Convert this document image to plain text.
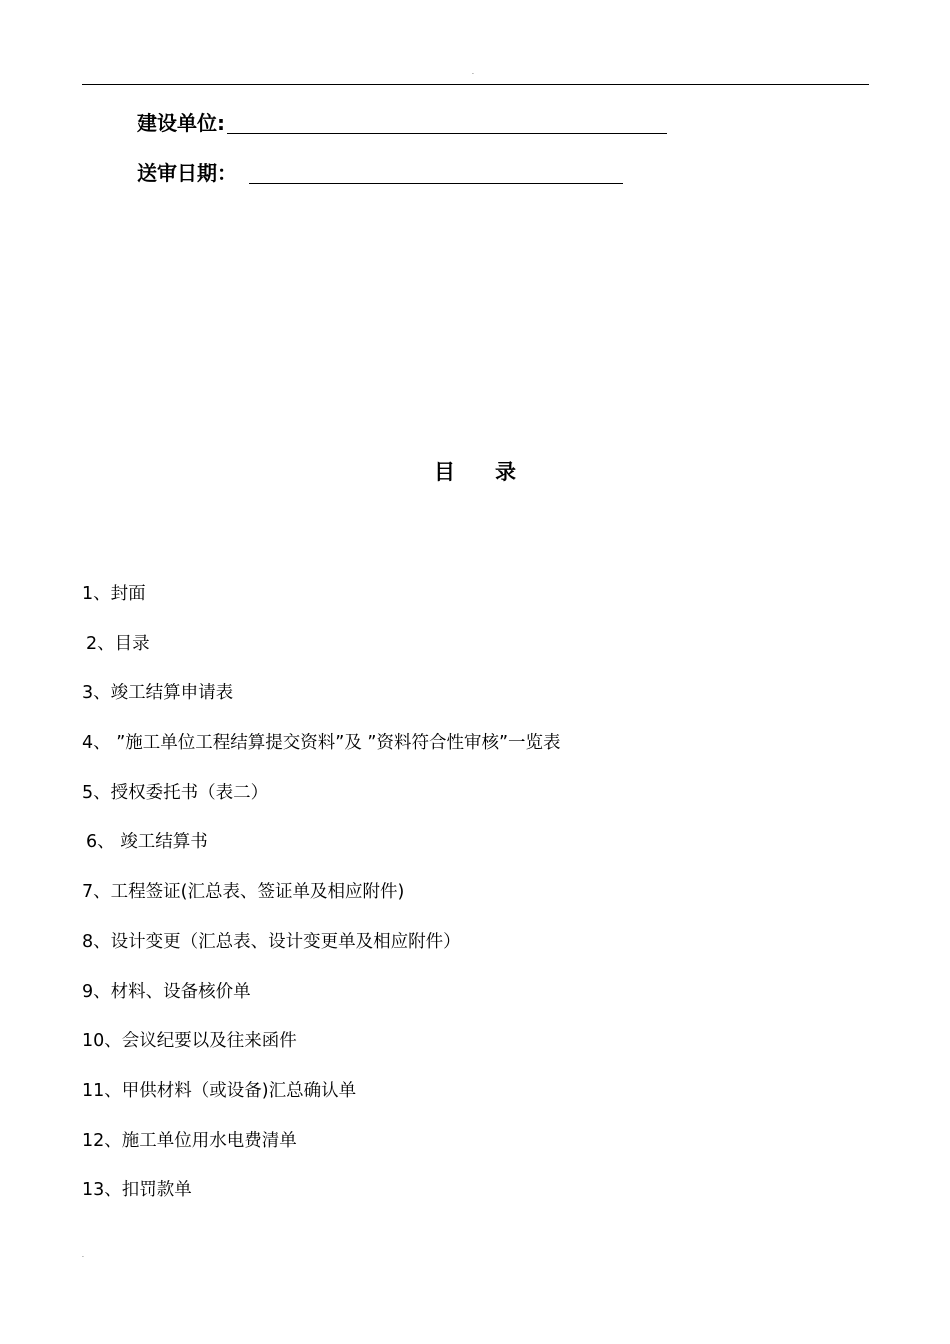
.
建设单位:
送审日期：
目 录
1、封面
2、目录
3、竣工结算申请表
4、 ”施工单位工程结算提交资料”及 ”资料符合性审核”一览表
5、授权委托书（表二）
6、 竣工结算书
7、工程签证(汇总表、签证单及相应附件)
8、设计变更（汇总表、设计变更单及相应附件）
9、材料、设备核价单
10、会议纪要以及往来函件
11、甲供材料（或设备)汇总确认单
12、施工单位用水电费清单
13、扣罚款单
.
